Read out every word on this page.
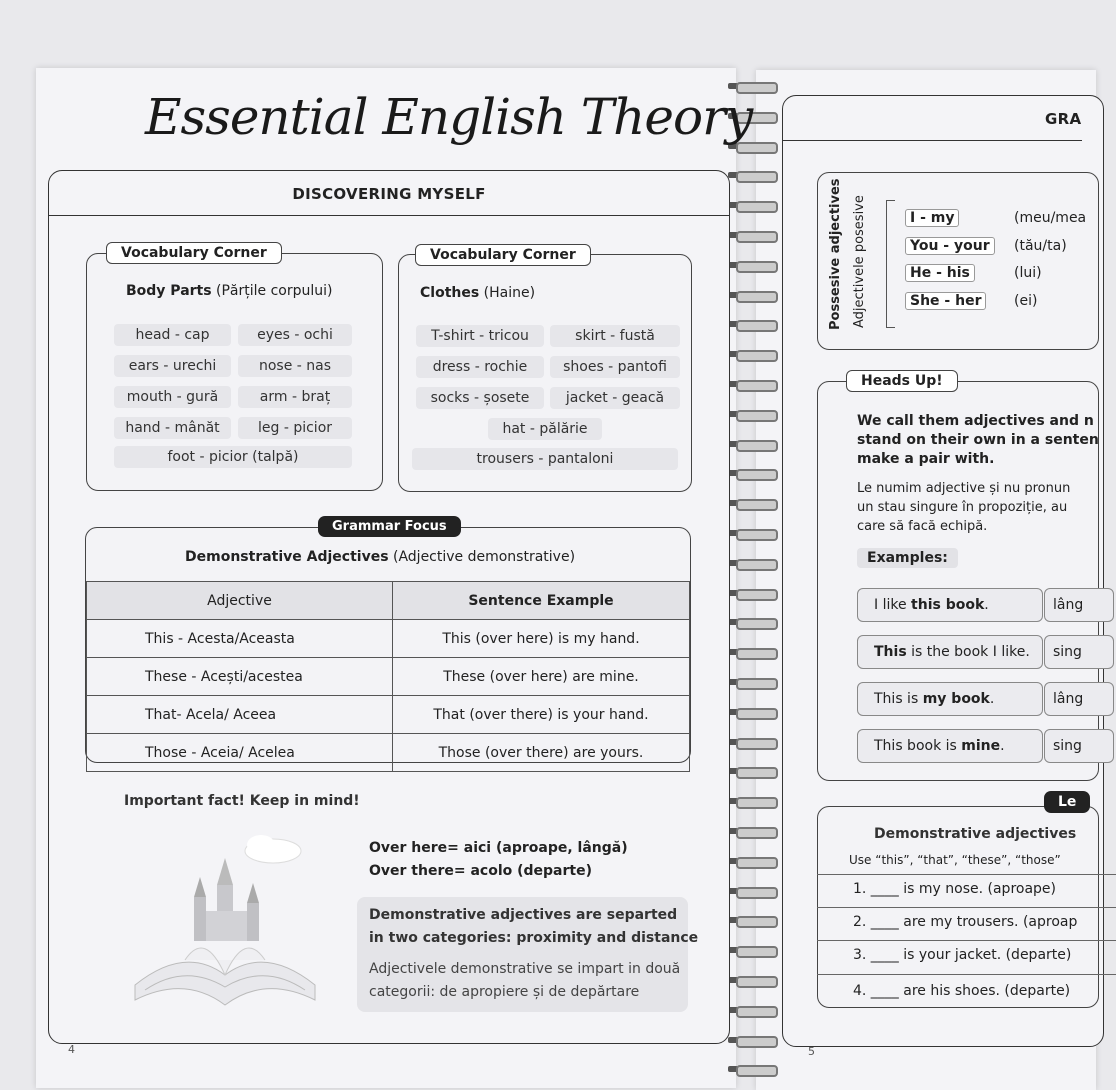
Essential English Theory
DISCOVERING MYSELF
Vocabulary Corner
Body Parts (Părțile corpului)
head - cap	eyes - ochi
ears - urechi	nose - nas
mouth - gură	arm - braț
hand - mânăt	leg - picior
foot - picior (talpă)
Vocabulary Corner
Clothes (Haine)
T-shirt - tricou	skirt - fustă
dress - rochie	shoes - pantofi
socks - șosete	jacket - geacă
hat - pălărie
trousers - pantaloni
Grammar Focus
Demonstrative Adjectives (Adjective demonstrative)
Adjective	Sentence Example
This - Acesta/Aceasta	This (over here) is my hand.
These - Acești/acestea	These (over here) are mine.
That- Acela/ Aceea	That (over there) is your hand.
Those - Aceia/ Acelea	Those (over there) are yours.
Important fact! Keep in mind!
Over here= aici (aproape, lângă)
Over there= acolo (departe)
Demonstrative adjectives are separted
in two categories: proximity and distance
Adjectivele demonstrative se impart in două
categorii: de apropiere și de depărtare
4
GRA
Possesive adjectives Adjectivele posesive	I - my	(meu/mea
You - your	(tău/ta)
He - his	(lui)
She - her	(ei)
Heads Up!
We call them adjectives and n
stand on their own in a senten
make a pair with.
Le numim adjective și nu pronun
un stau singure în propoziție, au
care să facă echipă.
Examples:
I like this book.	lâng
This is the book I like.	sing
This is my book.	lâng
This book is mine.	sing
Le
Demonstrative adjectives
Use “this”, “that”, “these”, “those”
1. ____ is my nose. (aproape)
2. ____ are my trousers. (aproap
3. ____ is your jacket. (departe)
4. ____ are his shoes. (departe)
5
